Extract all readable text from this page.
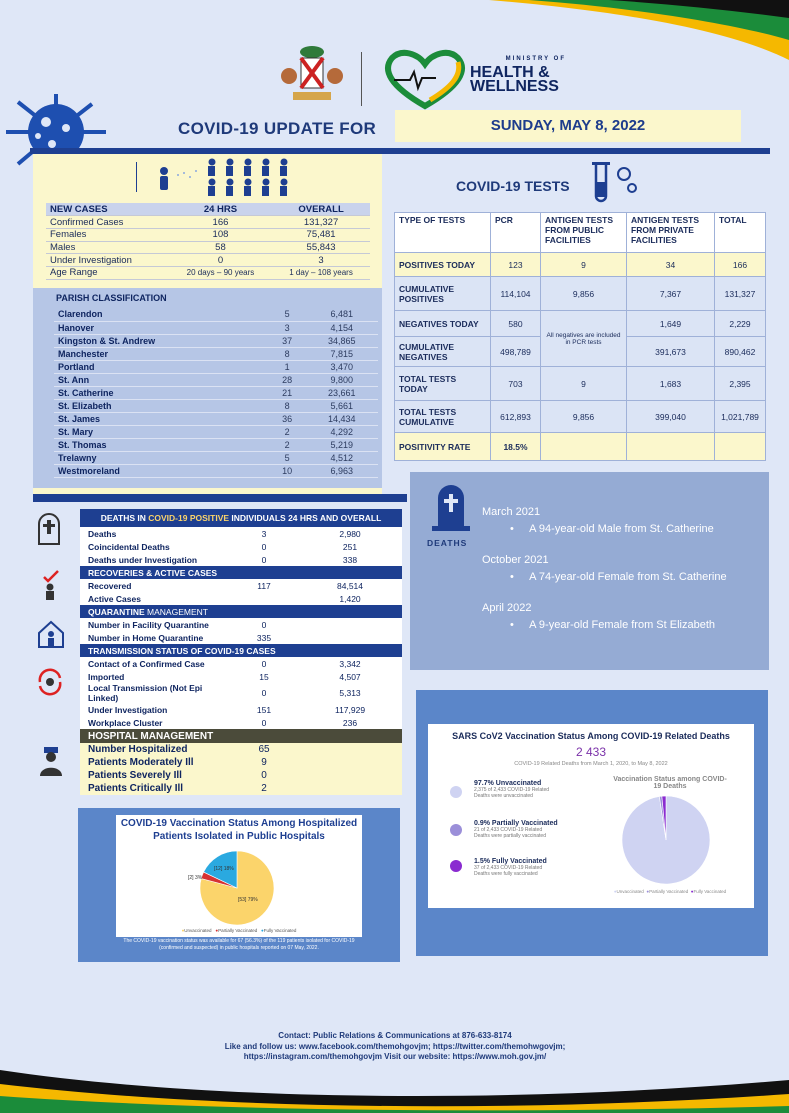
MINISTRY OF
HEALTH &
WELLNESS
COVID-19 UPDATE FOR	SUNDAY, MAY 8, 2022
NEW CASES	24 HRS	OVERALL
Confirmed Cases	166	131,327
Females	108	75,481
Males	58	55,843
Under Investigation	0	3
Age Range	20 days – 90 years	1 day – 108 years
PARISH CLASSIFICATION
Clarendon	5	6,481
Hanover	3	4,154
Kingston & St. Andrew	37	34,865
Manchester	8	7,815
Portland	1	3,470
St. Ann	28	9,800
St. Catherine	21	23,661
St. Elizabeth	8	5,661
St. James	36	14,434
St. Mary	2	4,292
St. Thomas	2	5,219
Trelawny	5	4,512
Westmoreland	10	6,963
COVID-19 TESTS
TYPE OF TESTS	PCR	ANTIGEN TESTS FROM PUBLIC FACILITIES	ANTIGEN TESTS FROM PRIVATE FACILITIES	TOTAL
POSITIVES TODAY	123	9	34	166
CUMULATIVE POSITIVES	114,104	9,856	7,367	131,327
NEGATIVES TODAY	580	All negatives are included in PCR tests	1,649	2,229
CUMULATIVE NEGATIVES	498,789		391,673	890,462
TOTAL TESTS TODAY	703	9	1,683	2,395
TOTAL TESTS CUMULATIVE	612,893	9,856	399,040	1,021,789
POSITIVITY RATE	18.5%			
March 2021
•     A 94-year-old Male from St. Catherine
October 2021
•     A 74-year-old Female from St. Catherine
April 2022
•     A 9-year-old Female from St Elizabeth
DEATHS
DEATHS IN COVID-19 POSITIVE INDIVIDUALS 24 HRS AND OVERALL		
Deaths	3	2,980
Coincidental Deaths	0	251
Deaths under Investigation	0	338
RECOVERIES & ACTIVE CASES		
Recovered	117	84,514
Active Cases		1,420
QUARANTINE MANAGEMENT		
Number in Facility Quarantine	0	
Number in Home Quarantine	335	
TRANSMISSION STATUS OF COVID-19 CASES		
Contact of a Confirmed Case	0	3,342
Imported	15	4,507
Local Transmission (Not Epi Linked)	0	5,313
Under Investigation	151	117,929
Workplace Cluster	0	236
HOSPITAL MANAGEMENT		
Number Hospitalized	65	
Patients Moderately Ill	9	
Patients Severely Ill	0	
Patients Critically Ill	2	
COVID-19 Vaccination Status Among Hospitalized Patients Isolated in Public Hospitals
[53] 79%
[2] 3%
[12] 18%
●Unvaccinated ●Partially Vaccinated ●Fully Vaccinated
The COVID-19 vaccination status was available for 67 (56.3%) of the 119 patients isolated for COVID-19 (confirmed and suspected) in public hospitals reported on 07 May, 2022.
SARS CoV2 Vaccination Status Among COVID-19 Related Deaths
2 433
COVID-19 Related Deaths from March 1, 2020, to May 8, 2022
97.7% Unvaccinated
2,375 of 2,433 COVID-19 Related
Deaths were unvaccinated
0.9% Partially Vaccinated
21 of 2,433 COVID-19 Related
Deaths were partially vaccinated
1.5% Fully Vaccinated
37 of 2,433 COVID-19 Related
Deaths were fully vaccinated
Vaccination Status among COVID-19 Deaths
●Unvaccinated ●Partially Vaccinated ●Fully Vaccinated
Contact: Public Relations & Communications at 876-633-8174
Like and follow us: www.facebook.com/themohgovjm; https://twitter.com/themohwgovjm;
https://instagram.com/themohgovjm Visit our website: https://www.moh.gov.jm/
